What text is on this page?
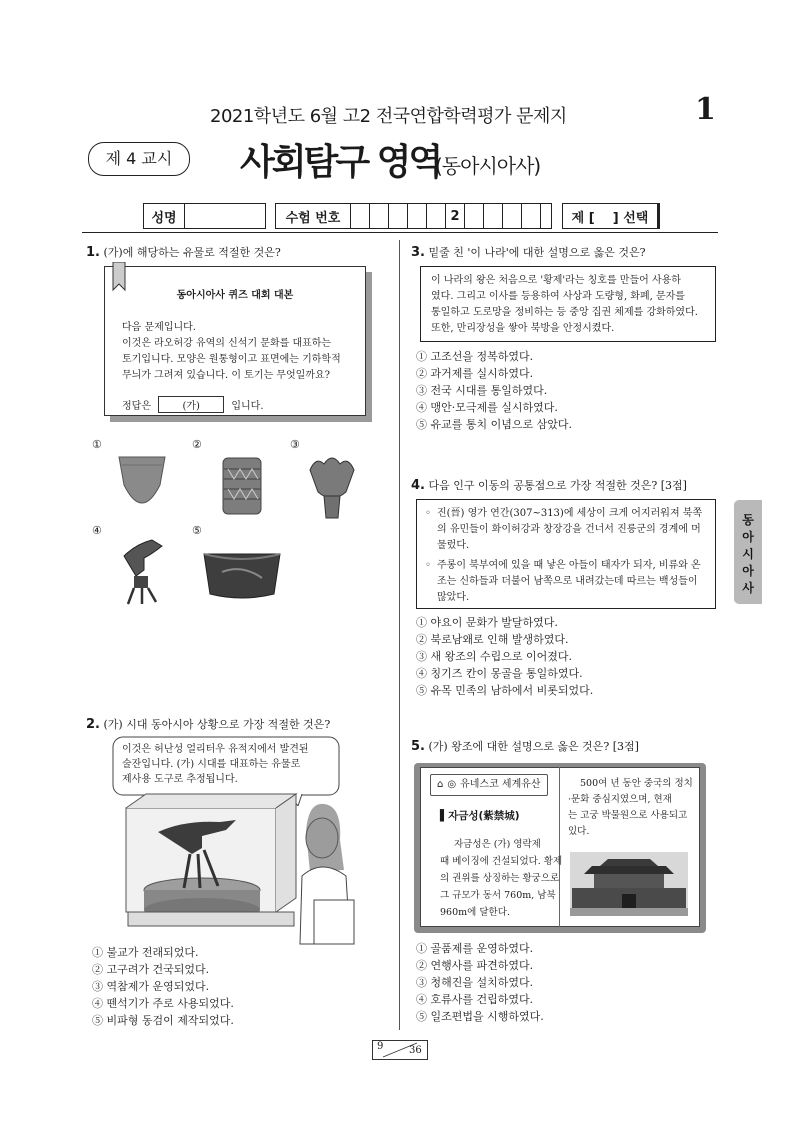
2021학년도 6월 고2 전국연합학력평가 문제지	1
제 4 교시	사회탐구 영역
(동아시아사)
성명	수험 번호	2	제 [    ] 선택
동
아
시
아
사
1. (가)에 해당하는 유물로 적절한 것은?
동아시아사 퀴즈 대회 대본
다음 문제입니다.
이것은 라오허강 유역의 신석기 문화를 대표하는
토기입니다. 모양은 원통형이고 표면에는 기하학적
무늬가 그려져 있습니다. 이 토기는 무엇일까요?
정답은	(가)	입니다.
①	②	③
④	⑤
2. (가) 시대 동아시아 상황으로 가장 적절한 것은?
이것은 허난성 얼리터우 유적지에서 발견된
술잔입니다. (가) 시대를 대표하는 유물로
제사용 도구로 추정됩니다.
① 불교가 전래되었다.
② 고구려가 건국되었다.
③ 역참제가 운영되었다.
④ 뗀석기가 주로 사용되었다.
⑤ 비파형 동검이 제작되었다.
3. 밑줄 친 '이 나라'에 대한 설명으로 옳은 것은?
이 나라의 왕은 처음으로 '황제'라는 칭호를 만들어 사용하
였다. 그리고 이사를 등용하여 사상과 도량형, 화폐, 문자를
통일하고 도로망을 정비하는 등 중앙 집권 체제를 강화하였다.
또한, 만리장성을 쌓아 북방을 안정시켰다.
① 고조선을 정복하였다.
② 과거제를 실시하였다.
③ 전국 시대를 통일하였다.
④ 맹안·모극제를 실시하였다.
⑤ 유교를 통치 이념으로 삼았다.
4. 다음 인구 이동의 공통점으로 가장 적절한 것은? [3점]
◦ 진(晉) 영가 연간(307~313)에 세상이 크게 어지러워져 북쪽의 유민들이 화이허강과 창장강을 건너서 진릉군의 경계에 머물렀다.
◦ 주롱이 북부여에 있을 때 낳은 아들이 태자가 되자, 비류와 온조는 신하들과 더불어 남쪽으로 내려갔는데 따르는 백성들이 많았다.
① 야요이 문화가 발달하였다.
② 북로남왜로 인해 발생하였다.
③ 새 왕조의 수립으로 이어졌다.
④ 칭기즈 칸이 몽골을 통일하였다.
⑤ 유목 민족의 남하에서 비롯되었다.
5. (가) 왕조에 대한 설명으로 옳은 것은? [3점]
⌂ ◎ 유네스코 세계유산
▌자금성(紫禁城)
자금성은 (가) 영락제
때 베이징에 건설되었다. 황제
의 권위를 상징하는 황궁으로
그 규모가 동서 760m, 남북
960m에 달한다.
500여 년 동안 중국의 정치
·문화 중심지였으며, 현재
는 고궁 박물원으로 사용되고
있다.
① 골품제를 운영하였다.
② 연행사를 파견하였다.
③ 청해진을 설치하였다.
④ 호류사를 건립하였다.
⑤ 일조편법을 시행하였다.
9	36
